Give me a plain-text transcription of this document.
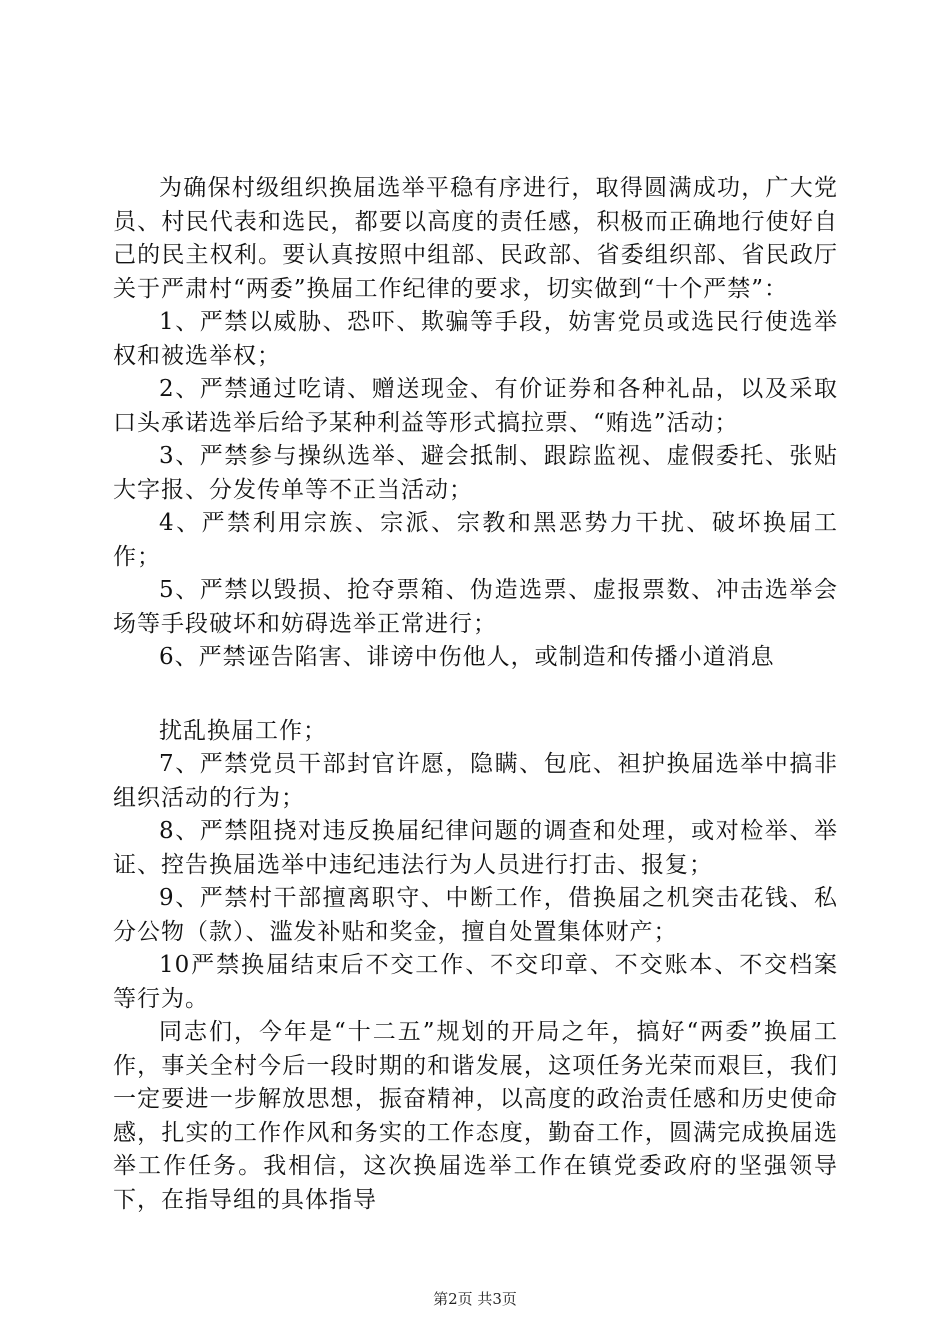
为确保村级组织换届选举平稳有序进行，取得圆满成功，广大党员、村民代表和选民，都要以高度的责任感，积极而正确地行使好自己的民主权利。要认真按照中组部、民政部、省委组织部、省民政厅关于严肃村“两委”换届工作纪律的要求，切实做到“十个严禁”：

1、严禁以威胁、恐吓、欺骗等手段，妨害党员或选民行使选举权和被选举权；

2、严禁通过吃请、赠送现金、有价证券和各种礼品，以及采取口头承诺选举后给予某种利益等形式搞拉票、“贿选”活动；

3、严禁参与操纵选举、避会抵制、跟踪监视、虚假委托、张贴大字报、分发传单等不正当活动；

4、严禁利用宗族、宗派、宗教和黑恶势力干扰、破坏换届工作；

5、严禁以毁损、抢夺票箱、伪造选票、虚报票数、冲击选举会场等手段破坏和妨碍选举正常进行；

6、严禁诬告陷害、诽谤中伤他人，或制造和传播小道消息

扰乱换届工作；

7、严禁党员干部封官许愿，隐瞒、包庇、袒护换届选举中搞非组织活动的行为；

8、严禁阻挠对违反换届纪律问题的调查和处理，或对检举、举证、控告换届选举中违纪违法行为人员进行打击、报复；

9、严禁村干部擅离职守、中断工作，借换届之机突击花钱、私分公物（款）、滥发补贴和奖金，擅自处置集体财产；

10严禁换届结束后不交工作、不交印章、不交账本、不交档案等行为。

同志们，今年是“十二五”规划的开局之年，搞好“两委”换届工作，事关全村今后一段时期的和谐发展，这项任务光荣而艰巨，我们一定要进一步解放思想，振奋精神，以高度的政治责任感和历史使命感，扎实的工作作风和务实的工作态度，勤奋工作，圆满完成换届选举工作任务。我相信，这次换届选举工作在镇党委政府的坚强领导下，在指导组的具体指导

第2页 共3页
